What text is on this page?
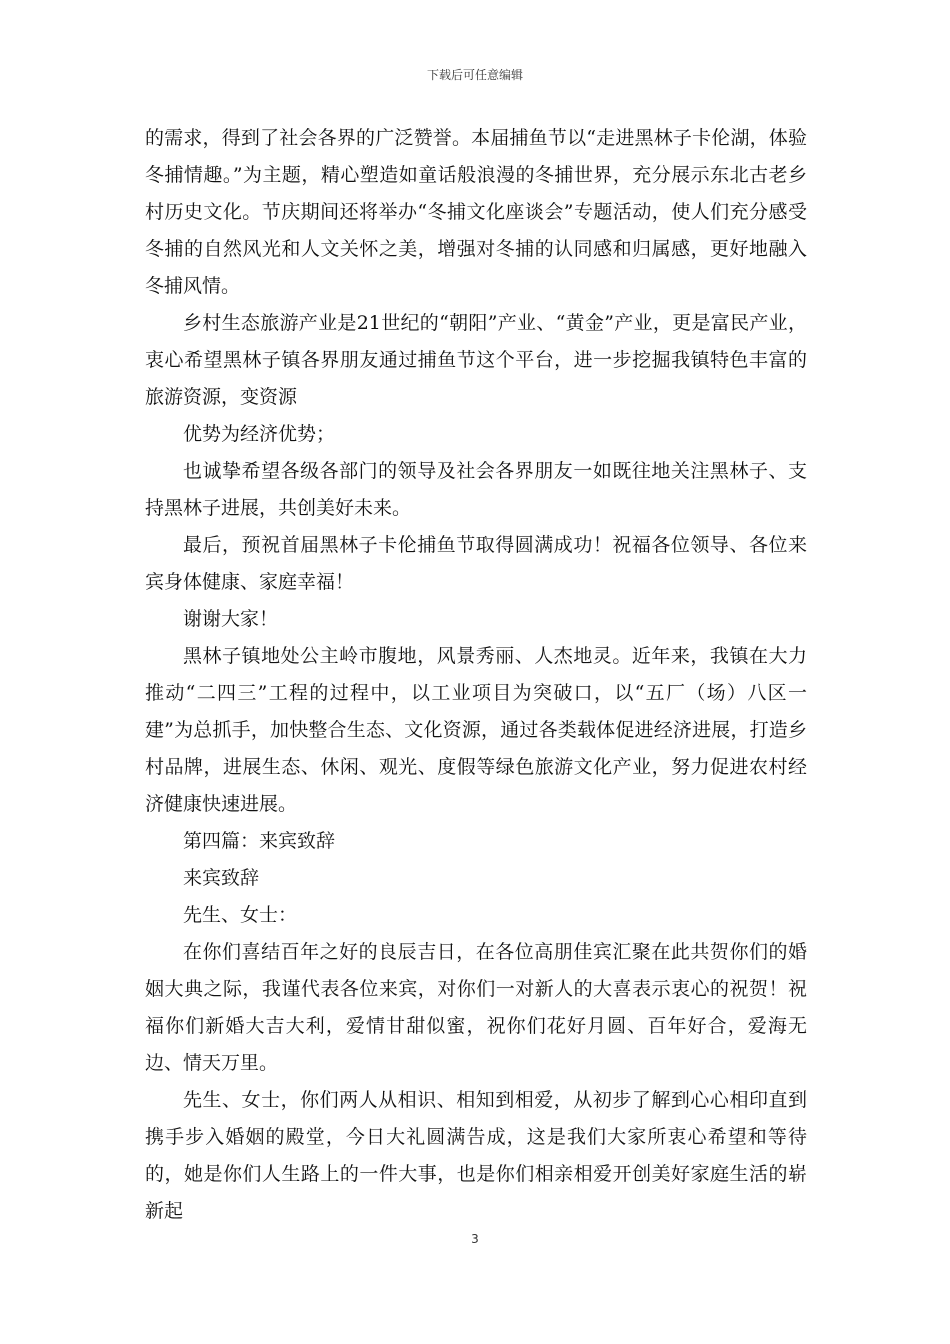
下载后可任意编辑

的需求，得到了社会各界的广泛赞誉。本届捕鱼节以“走进黑林子卡伦湖，体验冬捕情趣。”为主题，精心塑造如童话般浪漫的冬捕世界，充分展示东北古老乡村历史文化。节庆期间还将举办“冬捕文化座谈会”专题活动，使人们充分感受冬捕的自然风光和人文关怀之美，增强对冬捕的认同感和归属感，更好地融入冬捕风情。

乡村生态旅游产业是21世纪的“朝阳”产业、“黄金”产业，更是富民产业，衷心希望黑林子镇各界朋友通过捕鱼节这个平台，进一步挖掘我镇特色丰富的旅游资源，变资源

优势为经济优势；

也诚挚希望各级各部门的领导及社会各界朋友一如既往地关注黑林子、支持黑林子进展，共创美好未来。

最后，预祝首届黑林子卡伦捕鱼节取得圆满成功！祝福各位领导、各位来宾身体健康、家庭幸福！

谢谢大家！

黑林子镇地处公主岭市腹地，风景秀丽、人杰地灵。近年来，我镇在大力推动“二四三”工程的过程中，以工业项目为突破口，以“五厂（场）八区一建”为总抓手，加快整合生态、文化资源，通过各类载体促进经济进展，打造乡村品牌，进展生态、休闲、观光、度假等绿色旅游文化产业，努力促进农村经济健康快速进展。

第四篇：来宾致辞

来宾致辞

先生、女士：

在你们喜结百年之好的良辰吉日，在各位高朋佳宾汇聚在此共贺你们的婚姻大典之际，我谨代表各位来宾，对你们一对新人的大喜表示衷心的祝贺！祝福你们新婚大吉大利，爱情甘甜似蜜，祝你们花好月圆、百年好合，爱海无边、情天万里。

先生、女士，你们两人从相识、相知到相爱，从初步了解到心心相印直到携手步入婚姻的殿堂，今日大礼圆满告成，这是我们大家所衷心希望和等待的，她是你们人生路上的一件大事，也是你们相亲相爱开创美好家庭生活的崭新起

3
